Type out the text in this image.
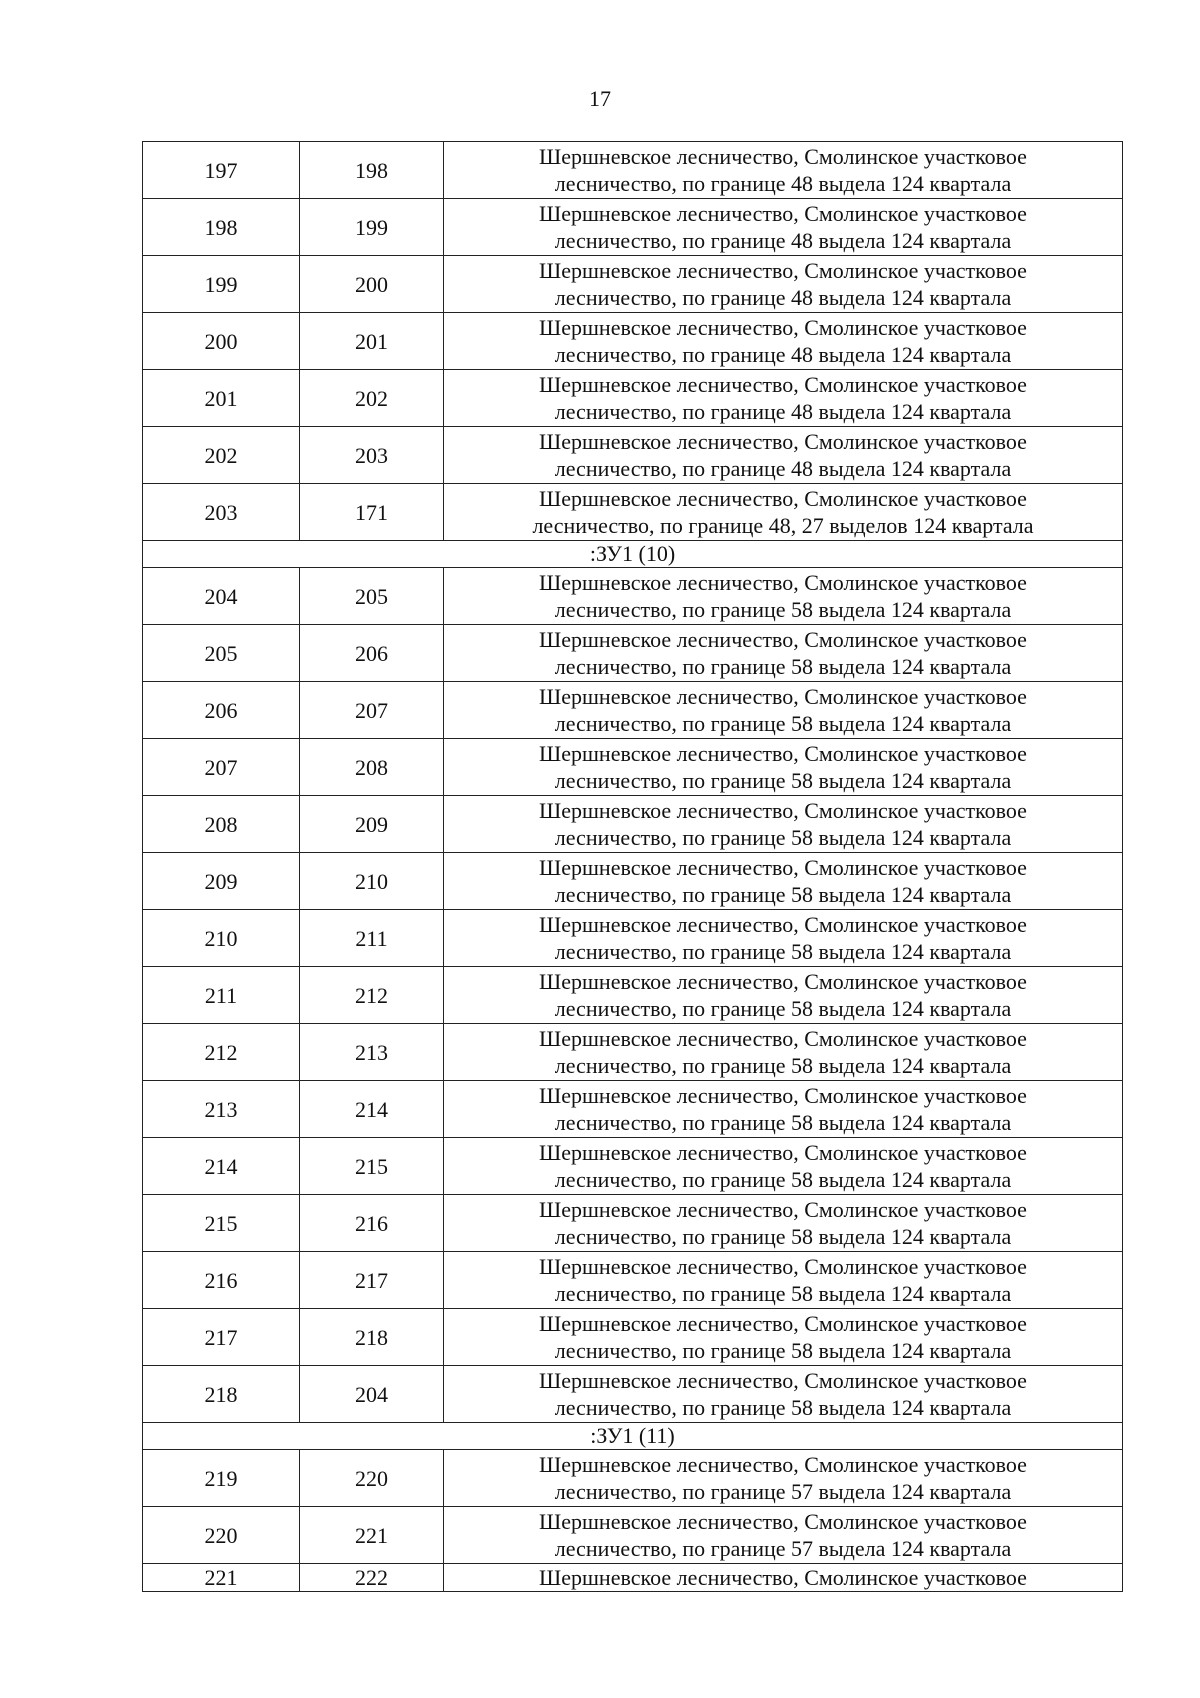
17
197	198	Шершневское лесничество, Смолинское участковое
лесничество, по границе 48 выдела 124 квартала

198	199	Шершневское лесничество, Смолинское участковое
лесничество, по границе 48 выдела 124 квартала

199	200	Шершневское лесничество, Смолинское участковое
лесничество, по границе 48 выдела 124 квартала

200	201	Шершневское лесничество, Смолинское участковое
лесничество, по границе 48 выдела 124 квартала

201	202	Шершневское лесничество, Смолинское участковое
лесничество, по границе 48 выдела 124 квартала

202	203	Шершневское лесничество, Смолинское участковое
лесничество, по границе 48 выдела 124 квартала

203	171	Шершневское лесничество, Смолинское участковое
лесничество, по границе 48, 27 выделов 124 квартала

:ЗУ1 (10)		
204	205	Шершневское лесничество, Смолинское участковое
лесничество, по границе 58 выдела 124 квартала

205	206	Шершневское лесничество, Смолинское участковое
лесничество, по границе 58 выдела 124 квартала

206	207	Шершневское лесничество, Смолинское участковое
лесничество, по границе 58 выдела 124 квартала

207	208	Шершневское лесничество, Смолинское участковое
лесничество, по границе 58 выдела 124 квартала

208	209	Шершневское лесничество, Смолинское участковое
лесничество, по границе 58 выдела 124 квартала

209	210	Шершневское лесничество, Смолинское участковое
лесничество, по границе 58 выдела 124 квартала

210	211	Шершневское лесничество, Смолинское участковое
лесничество, по границе 58 выдела 124 квартала

211	212	Шершневское лесничество, Смолинское участковое
лесничество, по границе 58 выдела 124 квартала

212	213	Шершневское лесничество, Смолинское участковое
лесничество, по границе 58 выдела 124 квартала

213	214	Шершневское лесничество, Смолинское участковое
лесничество, по границе 58 выдела 124 квартала

214	215	Шершневское лесничество, Смолинское участковое
лесничество, по границе 58 выдела 124 квартала

215	216	Шершневское лесничество, Смолинское участковое
лесничество, по границе 58 выдела 124 квартала

216	217	Шершневское лесничество, Смолинское участковое
лесничество, по границе 58 выдела 124 квартала

217	218	Шершневское лесничество, Смолинское участковое
лесничество, по границе 58 выдела 124 квартала

218	204	Шершневское лесничество, Смолинское участковое
лесничество, по границе 58 выдела 124 квартала

:ЗУ1 (11)		
219	220	Шершневское лесничество, Смолинское участковое
лесничество, по границе 57 выдела 124 квартала

220	221	Шершневское лесничество, Смолинское участковое
лесничество, по границе 57 выдела 124 квартала

221	222	Шершневское лесничество, Смолинское участковое
